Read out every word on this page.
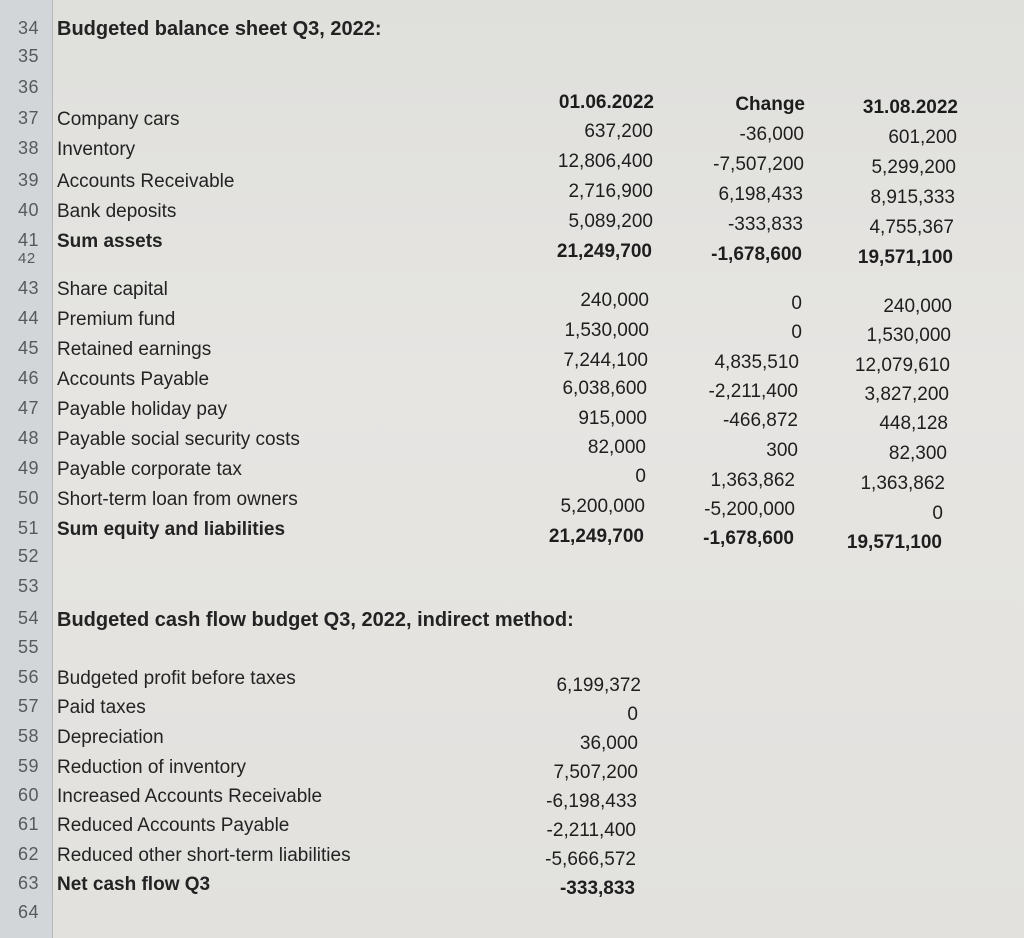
34
35
36
37
38
39
40
41
42
43
44
45
46
47
48
49
50
51
52
53
54
55
56
57
58
59
60
61
62
63
64
Budgeted balance sheet Q3, 2022:
01.06.2022	Change	31.08.2022
Company cars
Inventory
Accounts Receivable
Bank deposits
Sum assets
637,200
12,806,400
2,716,900
5,089,200
21,249,700
-36,000
-7,507,200
6,198,433
-333,833
-1,678,600
601,200
5,299,200
8,915,333
4,755,367
19,571,100
Share capital
Premium fund
Retained earnings
Accounts Payable
Payable holiday pay
Payable social security costs
Payable corporate tax
Short-term loan from owners
Sum equity and liabilities
240,000
1,530,000
7,244,100
6,038,600
915,000
82,000
0
5,200,000
21,249,700
0
0
4,835,510
-2,211,400
-466,872
300
1,363,862
-5,200,000
-1,678,600
240,000
1,530,000
12,079,610
3,827,200
448,128
82,300
1,363,862
0
19,571,100
Budgeted cash flow budget Q3, 2022, indirect method:
Budgeted profit before taxes
Paid taxes
Depreciation
Reduction of inventory
Increased Accounts Receivable
Reduced Accounts Payable
Reduced other short-term liabilities
Net cash flow Q3
6,199,372
0
36,000
7,507,200
-6,198,433
-2,211,400
-5,666,572
-333,833
